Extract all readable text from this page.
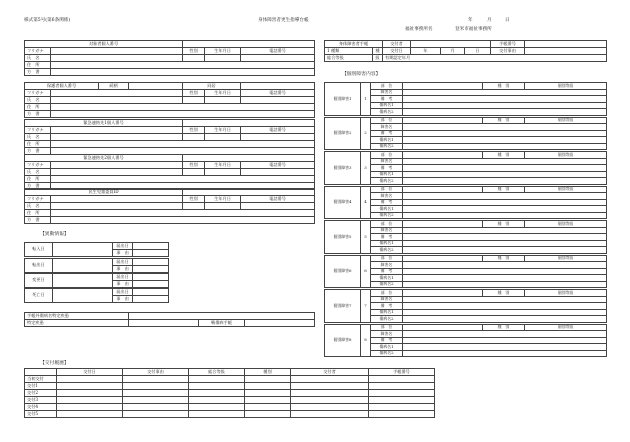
様式第5号(第6条関係)	身体障害者更生指導台帳	年	月	日
福祉事務所名	登米市福祉事務所
対象者個人番号				
フリガナ		性別	生年月日	電話番号
氏　名				
住　所				
方　書				
身体障害者手帳		交付者				手帳番号	
1 種類	種	交付日	年	月	日	交付事由	
総合等級	級	有期認定年月					
保護者個人番号		続柄		同居		
フリガナ				性別	生年月日	電話番号
氏　名						
住　所						
方　書						
緊急連絡先1個人番号				
フリガナ		性別	生年月日	電話番号
氏　名				
住　所				
方　書				
緊急連絡先2個人番号				
フリガナ		性別	生年月日	電話番号
氏　名				
住　所				
方　書				
民生児童委員ID				
フリガナ		性別	生年月日	電話番号
氏　名				
住　所				
方　書				
【異動情報】
転入日		届出日	
		事　由	
転出日		届出日	
		事　由	
変更日		届出日	
		事　由	
死亡日		届出日	
		事　由	
手帳外傷病名特定疾患			
特定疾患		戦傷病手帳	
【個別障害内容】
個別障害1	1	部　位		種　別	個別等級
		障害名			
		備　考			
		傷病名1			
		傷病名2			
個別障害2	2	部　位		種　別	個別等級
		障害名			
		備　考			
		傷病名1			
		傷病名2			
個別障害3	3	部　位		種　別	個別等級
		障害名			
		備　考			
		傷病名1			
		傷病名2			
個別障害4	4	部　位		種　別	個別等級
		障害名			
		備　考			
		傷病名1			
		傷病名2			
個別障害5	5	部　位		種　別	個別等級
		障害名			
		備　考			
		傷病名1			
		傷病名2			
個別障害6	6	部　位		種　別	個別等級
		障害名			
		備　考			
		傷病名1			
		傷病名2			
個別障害7	7	部　位		種　別	個別等級
		障害名			
		備　考			
		傷病名1			
		傷病名2			
個別障害8	8	部　位		種　別	個別等級
		障害名			
		備　考			
		傷病名1			
		傷病名2			
【交付履歴】
	交付日	交付事由	総合等級	種別	交付者	手帳番号
当初交付						
交付1						
交付2						
交付3						
交付4						
交付5						
